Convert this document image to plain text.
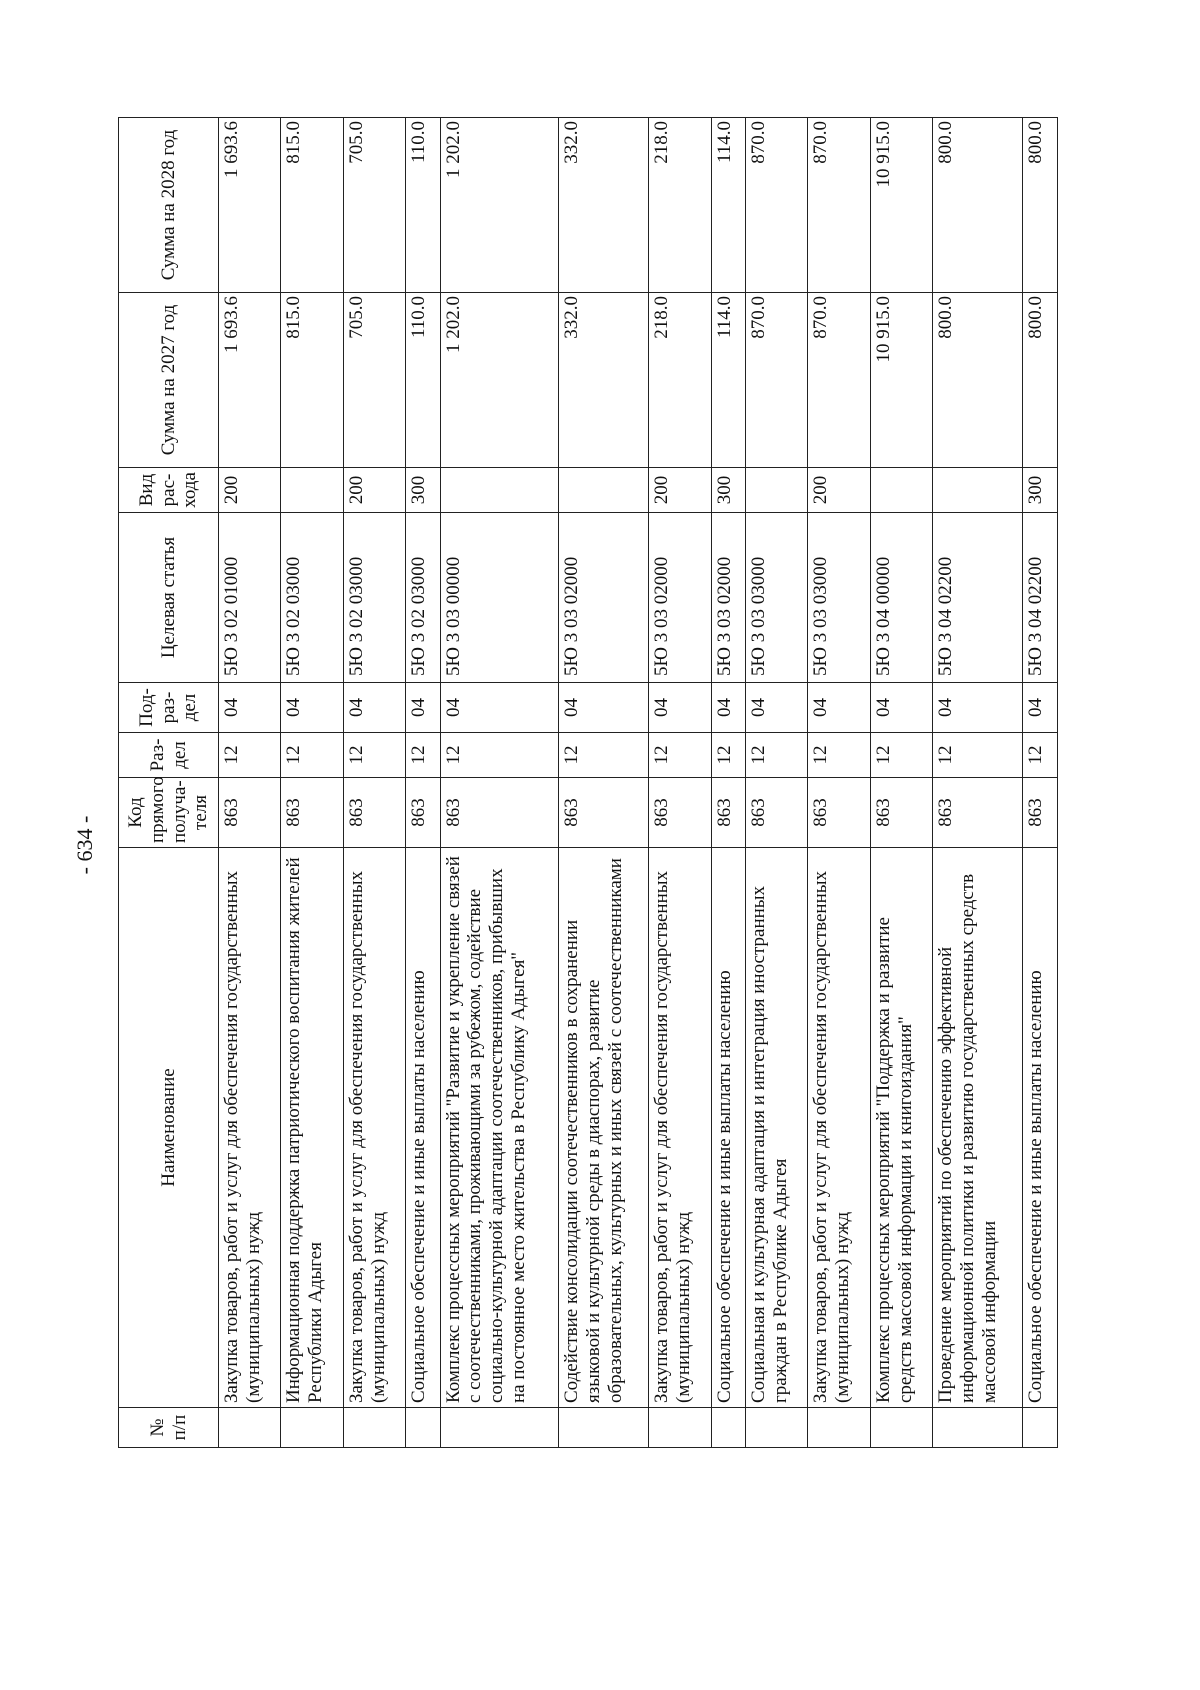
- 634 -
№ п/п	Наименование	Код прямого получа-теля	Раз-дел	Под-раз-дел	Целевая статья	Вид рас-хода	Сумма на 2027 год	Сумма на 2028 год
	Закупка товаров, работ и услуг для обеспечения государственных (муниципальных) нужд	863	12	04	5Ю 3 02 01000	200	1 693.6	1 693.6
	Информационная поддержка патриотического воспитания жителей Республики Адыгея	863	12	04	5Ю 3 02 03000		815.0	815.0
	Закупка товаров, работ и услуг для обеспечения государственных (муниципальных) нужд	863	12	04	5Ю 3 02 03000	200	705.0	705.0
	Социальное обеспечение и иные выплаты населению	863	12	04	5Ю 3 02 03000	300	110.0	110.0
	Комплекс процессных мероприятий "Развитие и укрепление связей с соотечественниками, проживающими за рубежом, содействие социально-культурной адаптации соотечественников, прибывших на постоянное место жительства в Республику Адыгея"	863	12	04	5Ю 3 03 00000		1 202.0	1 202.0
	Содействие консолидации соотечественников в сохранении языковой и культурной среды в диаспорах, развитие образовательных, культурных и иных связей с соотечественниками	863	12	04	5Ю 3 03 02000		332.0	332.0
	Закупка товаров, работ и услуг для обеспечения государственных (муниципальных) нужд	863	12	04	5Ю 3 03 02000	200	218.0	218.0
	Социальное обеспечение и иные выплаты населению	863	12	04	5Ю 3 03 02000	300	114.0	114.0
	Социальная и культурная адаптация и интеграция иностранных граждан в Республике Адыгея	863	12	04	5Ю 3 03 03000		870.0	870.0
	Закупка товаров, работ и услуг для обеспечения государственных (муниципальных) нужд	863	12	04	5Ю 3 03 03000	200	870.0	870.0
	Комплекс процессных мероприятий "Поддержка и развитие средств массовой информации и книгоиздания"	863	12	04	5Ю 3 04 00000		10 915.0	10 915.0
	Проведение мероприятий по обеспечению эффективной информационной политики и развитию государственных средств массовой информации	863	12	04	5Ю 3 04 02200		800.0	800.0
	Социальное обеспечение и иные выплаты населению	863	12	04	5Ю 3 04 02200	300	800.0	800.0
